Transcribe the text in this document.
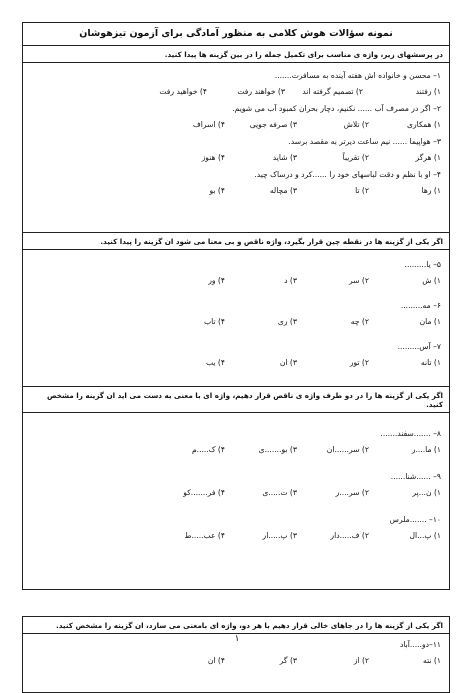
نمونه سؤالات هوش کلامی به منظور آمادگی برای آزمون تیزهوشان
در پرسشهای زیر، واژه ی مناسب برای تکمیل جمله را در بین گزینه ها پیدا کنید.
۱– محسن و خانواده اش هفته آینده به مسافرت.......
۱) رفتند
۲) تصمیم گرفته اند
۳) خواهند رفت
۴) خواهید رفت
۲– اگر در مصرف آب ...... نکنیم، دچار بحران کمبود آب می شویم.
۱) همکاری
۲) تلاش
۳) صرفه جویی
۴) اسراف
۳– هواپیما ...... نیم ساعت دیرتر به مقصد برسد.
۱) هرگز
۲) تقریباً
۳) شاید
۴) هنوز
۴– او با نظم و دقت لباسهای خود را ......کرد و درساک چید.
۱) رها
۲) تا
۳) مچاله
۴) بو
اگر یکی از گزینه ها در نقطه چین قرار بگیرد، واژه ناقص و بی معنا می شود ان گزینه را پیدا کنید.
۵– یا.........
۱) ش
۲) سر
۳) د
۴) ور
۶– مه.........
۱) مان
۲) چه
۳) ری
۴) تاب
۷– آس.........
۱) تانه
۲) تور
۳) ان
۴) یب
اگر یکی از گزینه ها را در دو طرف واژه ی ناقص قرار دهیم، واژه ای با معنی به دست می اید ان گزینه را مشخص کنید.
۸– .......سفند.......
۱) ما....ر
۲) سر......ان
۳) بو.......ی
۴) ک.....م
۹– ......شنا......
۱) ن...پر
۲) سر....ر
۳) ت.....ی
۴) فر.......کو
۱۰– .......ملرس
۱) پ...ال
۲) ف.....دار
۳) پ.....ار
۴) عب.....ط
اگر یکی از گزینه ها را در جاهای خالی قرار دهیم با هر دو، واژه ای بامعنی می سازد، ان گزینه را مشخص کنید.
۱۱–دو.....آباد
۱) نته
۲) از
۳) گر
۴) ان
۱
